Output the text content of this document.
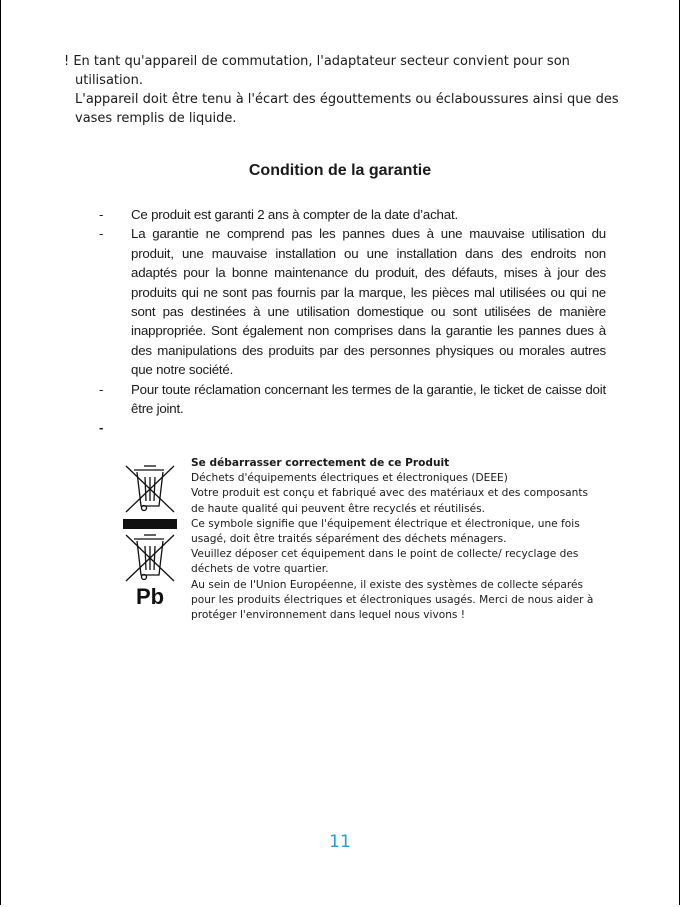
! En tant qu'appareil de commutation, l'adaptateur secteur convient pour son

utilisation.

L'appareil doit être tenu à l'écart des égouttements ou éclaboussures ainsi que des

vases remplis de liquide.

Condition de la garantie
- Ce produit est garanti 2 ans à compter de la date d’achat.
- La garantie ne comprend pas les pannes dues à une mauvaise utilisation du produit, une mauvaise installation ou une installation dans des endroits non adaptés pour la bonne maintenance du produit, des défauts, mises à jour des produits qui ne sont pas fournis par la marque, les pièces mal utilisées ou qui ne sont pas destinées à une utilisation domestique ou sont utilisées de manière inappropriée. Sont également non comprises dans la garantie les pannes dues à des manipulations des produits par des personnes physiques ou morales autres que notre société.
- Pour toute réclamation concernant les termes de la garantie, le ticket de caisse doit être joint.
-
Pb

Se débarrasser correctement de ce Produit

Déchets d'équipements électriques et électroniques (DEEE)

Votre produit est conçu et fabriqué avec des matériaux et des composants

de haute qualité qui peuvent être recyclés et réutilisés.

Ce symbole signifie que l'équipement électrique et électronique, une fois

usagé, doit être traités séparément des déchets ménagers.

Veuillez déposer cet équipement dans le point de collecte/ recyclage des

déchets de votre quartier.

Au sein de l'Union Européenne, il existe des systèmes de collecte séparés

pour les produits électriques et électroniques usagés. Merci de nous aider à

protéger l'environnement dans lequel nous vivons !

11
